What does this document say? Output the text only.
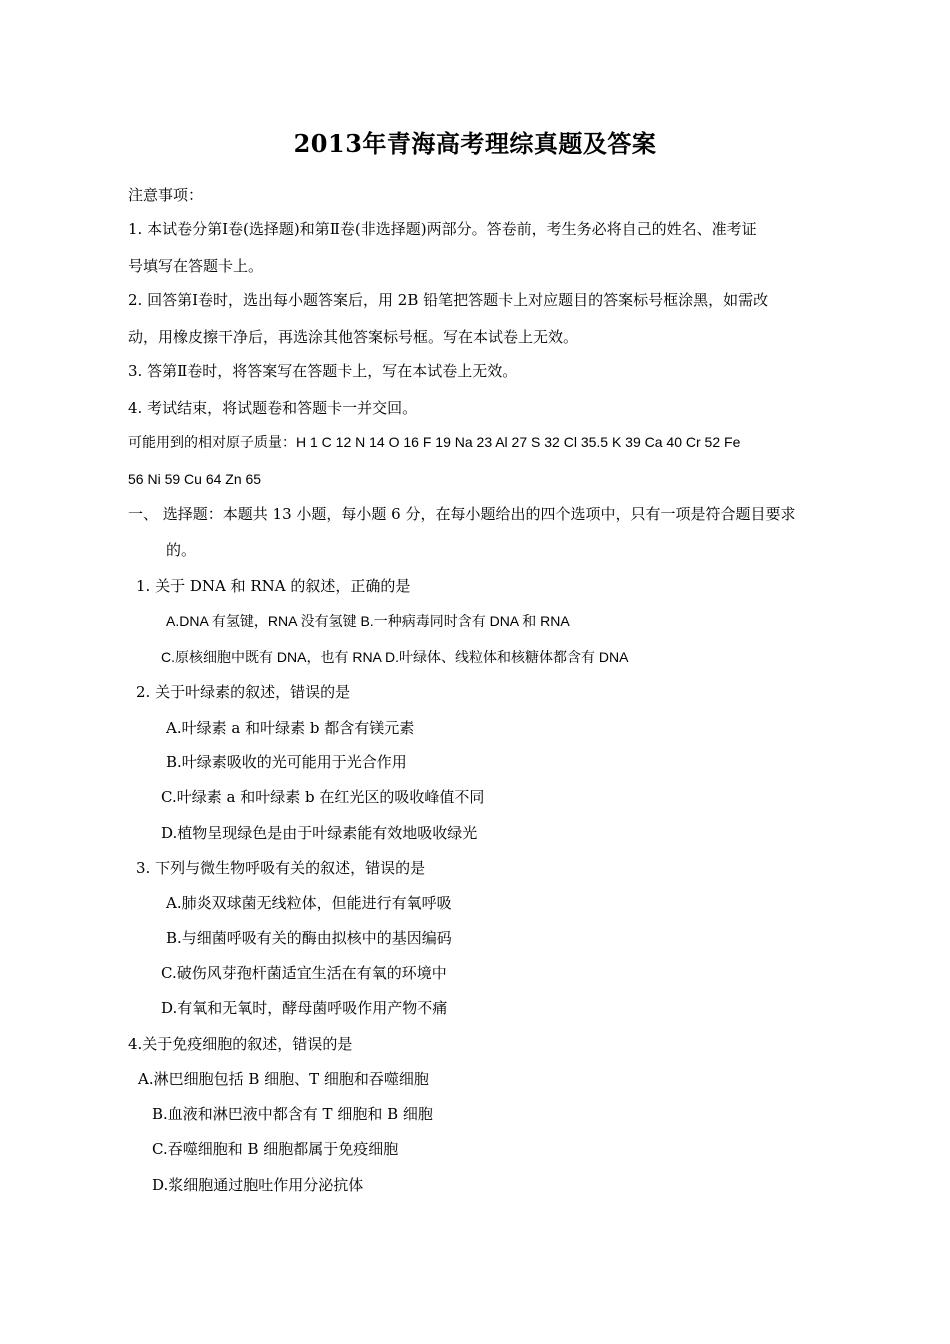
2013年青海高考理综真题及答案
注意事项：
1. 本试卷分第Ⅰ卷(选择题)和第Ⅱ卷(非选择题)两部分。答卷前，考生务必将自己的姓名、准考证
号填写在答题卡上。
2. 回答第Ⅰ卷时，选出每小题答案后，用 2B 铅笔把答题卡上对应题目的答案标号框涂黑，如需改
动，用橡皮擦干净后，再选涂其他答案标号框。写在本试卷上无效。
3. 答第Ⅱ卷时，将答案写在答题卡上，写在本试卷上无效。
4. 考试结束，将试题卷和答题卡一并交回。
可能用到的相对原子质量：H 1 C 12 N 14 O 16 F 19 Na 23 Al 27 S 32 Cl 35.5 K 39 Ca 40 Cr 52 Fe
56 Ni 59 Cu 64 Zn 65
一、 选择题：本题共 13 小题，每小题 6 分，在每小题给出的四个选项中，只有一项是符合题目要求
的。
1. 关于 DNA 和 RNA 的叙述，正确的是
A.DNA 有氢键，RNA 没有氢键 B.一种病毒同时含有 DNA 和 RNA
C.原核细胞中既有 DNA，也有 RNA D.叶绿体、线粒体和核糖体都含有 DNA
2. 关于叶绿素的叙述，错误的是
A.叶绿素 a 和叶绿素 b 都含有镁元素
B.叶绿素吸收的光可能用于光合作用
C.叶绿素 a 和叶绿素 b 在红光区的吸收峰值不同
D.植物呈现绿色是由于叶绿素能有效地吸收绿光
3. 下列与微生物呼吸有关的叙述，错误的是
A.肺炎双球菌无线粒体，但能进行有氧呼吸
B.与细菌呼吸有关的酶由拟核中的基因编码
C.破伤风芽孢杆菌适宜生活在有氧的环境中
D.有氧和无氧时，酵母菌呼吸作用产物不痛
4.关于免疫细胞的叙述，错误的是
A.淋巴细胞包括 B 细胞、T 细胞和吞噬细胞
B.血液和淋巴液中都含有 T 细胞和 B 细胞
C.吞噬细胞和 B 细胞都属于免疫细胞
D.浆细胞通过胞吐作用分泌抗体
